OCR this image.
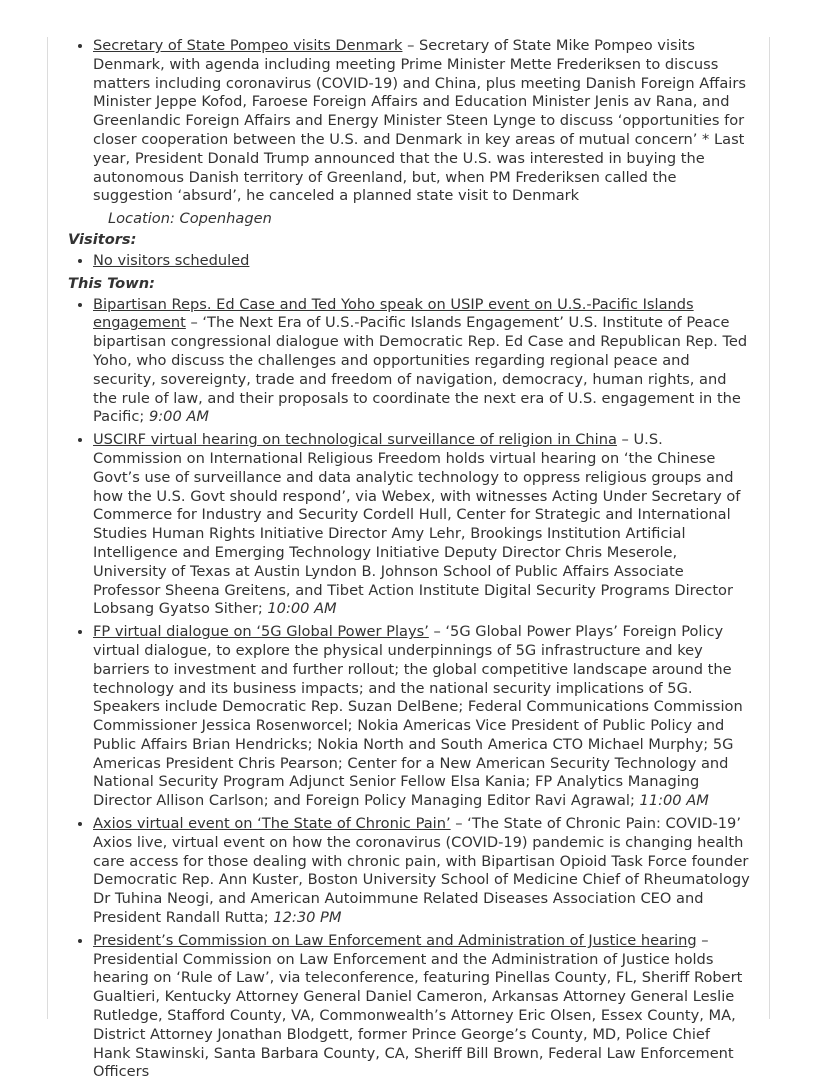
• Secretary of State Pompeo visits Denmark – Secretary of State Mike Pompeo visits Denmark, with agenda including meeting Prime Minister Mette Frederiksen to discuss matters including coronavirus (COVID-19) and China, plus meeting Danish Foreign Affairs Minister Jeppe Kofod, Faroese Foreign Affairs and Education Minister Jenis av Rana, and Greenlandic Foreign Affairs and Energy Minister Steen Lynge to discuss ‘opportunities for closer cooperation between the U.S. and Denmark in key areas of mutual concern’ * Last year, President Donald Trump announced that the U.S. was interested in buying the autonomous Danish territory of Greenland, but, when PM Frederiksen called the suggestion ‘absurd’, he canceled a planned state visit to Denmark
Location: Copenhagen
Visitors:
• No visitors scheduled
This Town:
• Bipartisan Reps. Ed Case and Ted Yoho speak on USIP event on U.S.-Pacific Islands engagement – ‘The Next Era of U.S.-Pacific Islands Engagement’ U.S. Institute of Peace bipartisan congressional dialogue with Democratic Rep. Ed Case and Republican Rep. Ted Yoho, who discuss the challenges and opportunities regarding regional peace and security, sovereignty, trade and freedom of navigation, democracy, human rights, and the rule of law, and their proposals to coordinate the next era of U.S. engagement in the Pacific; 9:00 AM
• USCIRF virtual hearing on technological surveillance of religion in China – U.S. Commission on International Religious Freedom holds virtual hearing on ‘the Chinese Govt’s use of surveillance and data analytic technology to oppress religious groups and how the U.S. Govt should respond’, via Webex, with witnesses Acting Under Secretary of Commerce for Industry and Security Cordell Hull, Center for Strategic and International Studies Human Rights Initiative Director Amy Lehr, Brookings Institution Artificial Intelligence and Emerging Technology Initiative Deputy Director Chris Meserole, University of Texas at Austin Lyndon B. Johnson School of Public Affairs Associate Professor Sheena Greitens, and Tibet Action Institute Digital Security Programs Director Lobsang Gyatso Sither; 10:00 AM
• FP virtual dialogue on ‘5G Global Power Plays’ – ‘5G Global Power Plays’ Foreign Policy virtual dialogue, to explore the physical underpinnings of 5G infrastructure and key barriers to investment and further rollout; the global competitive landscape around the technology and its business impacts; and the national security implications of 5G. Speakers include Democratic Rep. Suzan DelBene; Federal Communications Commission Commissioner Jessica Rosenworcel; Nokia Americas Vice President of Public Policy and Public Affairs Brian Hendricks; Nokia North and South America CTO Michael Murphy; 5G Americas President Chris Pearson; Center for a New American Security Technology and National Security Program Adjunct Senior Fellow Elsa Kania; FP Analytics Managing Director Allison Carlson; and Foreign Policy Managing Editor Ravi Agrawal; 11:00 AM
• Axios virtual event on ‘The State of Chronic Pain’ – ‘The State of Chronic Pain: COVID-19’ Axios live, virtual event on how the coronavirus (COVID-19) pandemic is changing health care access for those dealing with chronic pain, with Bipartisan Opioid Task Force founder Democratic Rep. Ann Kuster, Boston University School of Medicine Chief of Rheumatology Dr Tuhina Neogi, and American Autoimmune Related Diseases Association CEO and President Randall Rutta; 12:30 PM
• President’s Commission on Law Enforcement and Administration of Justice hearing – Presidential Commission on Law Enforcement and the Administration of Justice holds hearing on ‘Rule of Law’, via teleconference, featuring Pinellas County, FL, Sheriff Robert Gualtieri, Kentucky Attorney General Daniel Cameron, Arkansas Attorney General Leslie Rutledge, Stafford County, VA, Commonwealth’s Attorney Eric Olsen, Essex County, MA, District Attorney Jonathan Blodgett, former Prince George’s County, MD, Police Chief Hank Stawinski, Santa Barbara County, CA, Sheriff Bill Brown, Federal Law Enforcement Officers
